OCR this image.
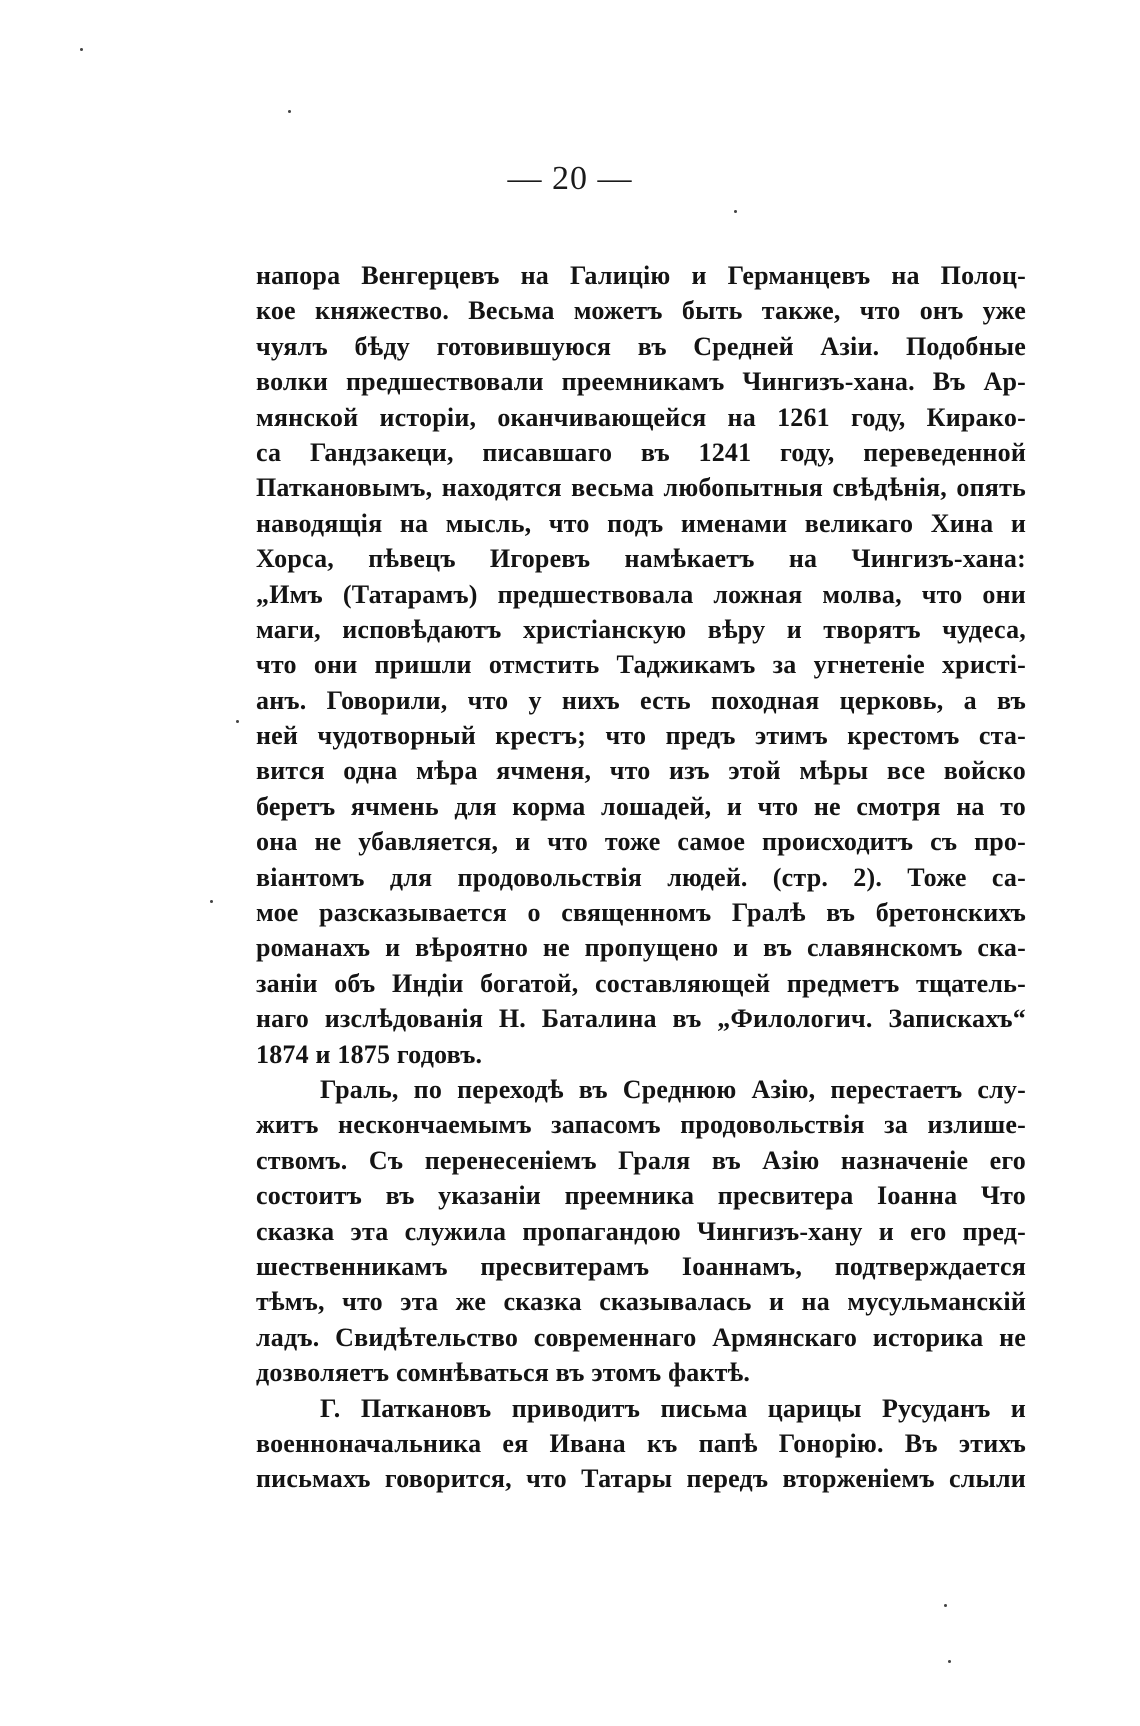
— 20 —
напора Венгерцевъ на Галицію и Германцевъ на Полоц-
кое княжество. Весьма можетъ быть также, что онъ уже
чуялъ бѣду готовившуюся въ Средней Азіи. Подобные
волки предшествовали преемникамъ Чингизъ-хана. Въ Ар-
мянской исторіи, оканчивающейся на 1261 году, Киракo-
са Гандзакеци, писавшаго въ 1241 году, переведенной
Паткановымъ, находятся весьма любопытныя свѣдѣнія, опять
наводящія на мысль, что подъ именами великаго Хина и
Хорса, пѣвецъ Игоревъ намѣкаетъ на Чингизъ-хана:
„Имъ (Татарамъ) предшествовала ложная молва, что они
маги, исповѣдаютъ христіанскую вѣру и творятъ чудеса,
что они пришли отмстить Таджикамъ за угнетеніе христі-
анъ. Говорили, что у нихъ есть походная церковь, а въ
ней чудотворный крестъ; что предъ этимъ крестомъ ста-
вится одна мѣра ячменя, что изъ этой мѣры все войско
беретъ ячмень для корма лошадей, и что не смотря на то
она не убавляется, и что тоже самое происходитъ съ про-
віантомъ для продовольствія людей. (стр. 2). Тоже са-
мое разсказывается о священномъ Гралѣ въ бретонскихъ
романахъ и вѣроятно не пропущено и въ славянскомъ ска-
заніи объ Индіи богатой, составляющей предметъ тщатель-
наго изслѣдованія Н. Баталина въ „Филологич. Запискахъ“
1874 и 1875 годовъ.
Граль, по переходѣ въ Среднюю Азію, перестаетъ слу-
житъ нескончаемымъ запасомъ продовольствія за излише-
ствомъ. Съ перенесеніемъ Граля въ Азію назначеніе его
состоитъ въ указаніи преемника пресвитера Іоанна Что
сказка эта служила пропагандою Чингизъ-хану и его пред-
шественникамъ пресвитерамъ Іоаннамъ, подтверждается
тѣмъ, что эта же сказка сказывалась и на мусульманскій
ладъ. Свидѣтельство современнаго Армянскаго историка не
дозволяетъ сомнѣваться въ этомъ фактѣ.
Г. Паткановъ приводитъ письма царицы Русуданъ и
военноначальника ея Ивана къ папѣ Гонорію. Въ этихъ
письмахъ говорится, что Татары передъ вторженіемъ слыли
